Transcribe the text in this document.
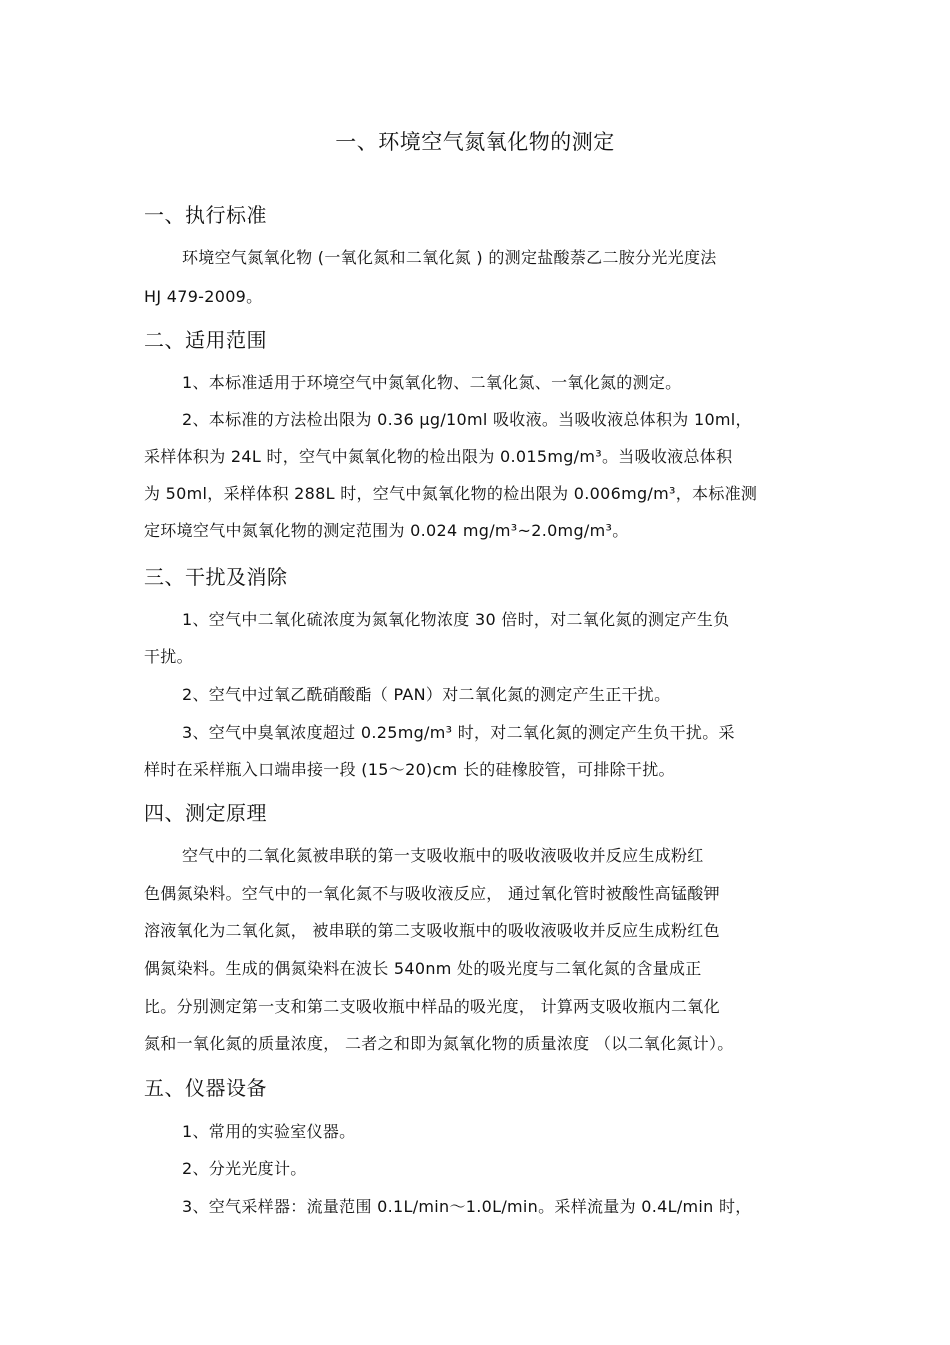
一、环境空气氮氧化物的测定
一、执行标准
环境空气氮氧化物 (一氧化氮和二氧化氮 ) 的测定盐酸萘乙二胺分光光度法
HJ 479-2009。
二、适用范围
1、本标准适用于环境空气中氮氧化物、二氧化氮、一氧化氮的测定。
2、本标准的方法检出限为 0.36 μg/10ml 吸收液。当吸收液总体积为 10ml，
采样体积为 24L 时，空气中氮氧化物的检出限为 0.015mg/m³。当吸收液总体积
为 50ml，采样体积 288L 时，空气中氮氧化物的检出限为 0.006mg/m³，本标准测
定环境空气中氮氧化物的测定范围为 0.024 mg/m³~2.0mg/m³。
三、干扰及消除
1、空气中二氧化硫浓度为氮氧化物浓度 30 倍时，对二氧化氮的测定产生负
干扰。
2、空气中过氧乙酰硝酸酯（ PAN）对二氧化氮的测定产生正干扰。
3、空气中臭氧浓度超过 0.25mg/m³ 时，对二氧化氮的测定产生负干扰。采
样时在采样瓶入口端串接一段 (15～20)cm 长的硅橡胶管，可排除干扰。
四、测定原理
空气中的二氧化氮被串联的第一支吸收瓶中的吸收液吸收并反应生成粉红
色偶氮染料。空气中的一氧化氮不与吸收液反应， 通过氧化管时被酸性高锰酸钾
溶液氧化为二氧化氮， 被串联的第二支吸收瓶中的吸收液吸收并反应生成粉红色
偶氮染料。生成的偶氮染料在波长 540nm 处的吸光度与二氧化氮的含量成正
比。分别测定第一支和第二支吸收瓶中样品的吸光度， 计算两支吸收瓶内二氧化
氮和一氧化氮的质量浓度， 二者之和即为氮氧化物的质量浓度 （以二氧化氮计）。
五、仪器设备
1、常用的实验室仪器。
2、分光光度计。
3、空气采样器：流量范围 0.1L/min～1.0L/min。采样流量为 0.4L/min 时，
